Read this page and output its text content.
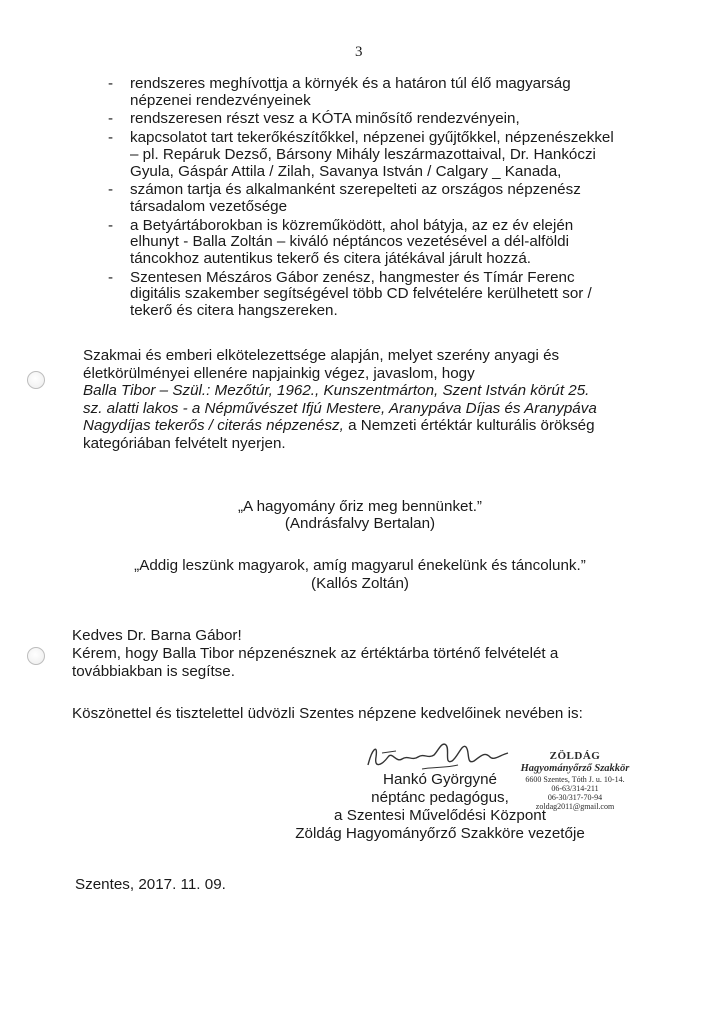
3
- rendszeres meghívottja a környék és a határon túl élő magyarság
népzenei rendezvényeinek
- rendszeresen részt vesz a KÓTA minősítő rendezvényein,
- kapcsolatot tart tekerőkészítőkkel, népzenei gyűjtőkkel, népzenészekkel
– pl. Repáruk Dezső, Bársony Mihály leszármazottaival, Dr. Hankóczi
Gyula, Gáspár Attila / Zilah, Savanya István / Calgary _ Kanada,
- számon tartja és alkalmanként szerepelteti az országos népzenész
társadalom vezetősége
- a Betyártáborokban is közreműködött, ahol bátyja, az ez év elején
elhunyt - Balla Zoltán – kiváló néptáncos vezetésével a dél-alföldi
táncokhoz autentikus tekerő és citera játékával járult hozzá.
- Szentesen Mészáros Gábor zenész, hangmester és Tímár Ferenc
digitális szakember segítségével több CD felvételére kerülhetett sor /
tekerő és citera hangszereken.
Szakmai és emberi elkötelezettsége alapján, melyet szerény anyagi és
életkörülményei ellenére napjainkig végez, javaslom, hogy
Balla Tibor – Szül.: Mezőtúr, 1962., Kunszentmárton, Szent István körút 25.
sz. alatti lakos - a Népművészet Ifjú Mestere, Aranypáva Díjas és Aranypáva
Nagydíjas tekerős / citerás népzenész, a Nemzeti értéktár kulturális örökség
kategóriában felvételt nyerjen.
„A hagyomány őriz meg bennünket.”
(Andrásfalvy Bertalan)
„Addig leszünk magyarok, amíg magyarul énekelünk és táncolunk.”
(Kallós Zoltán)
Kedves Dr. Barna Gábor!
Kérem, hogy Balla Tibor népzenésznek az értéktárba történő felvételét a
továbbiakban is segítse.
Köszönettel és tisztelettel üdvözli Szentes népzene kedvelőinek nevében is:
Hankó Györgyné
néptánc pedagógus,
a Szentesi Művelődési Központ
Zöldág Hagyományőrző Szakköre vezetője
ZÖLDÁG
Hagyományőrző Szakkör
6600 Szentes, Tóth J. u. 10-14.
06-63/314-211
06-30/317-70-94
zoldag2011@gmail.com
Szentes, 2017. 11. 09.
